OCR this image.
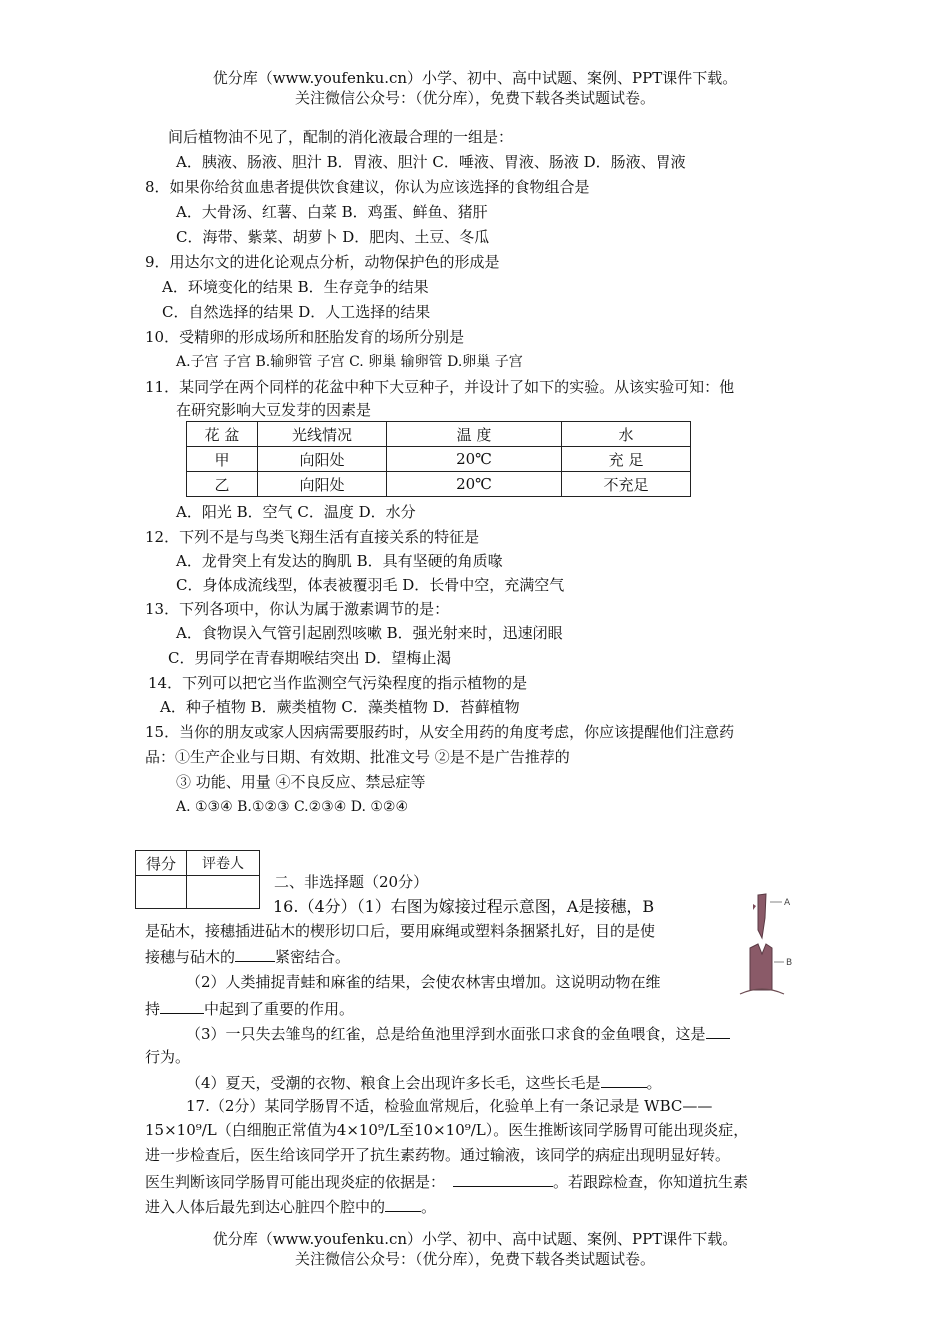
优分库（www.youfenku.cn）小学、初中、高中试题、案例、PPT课件下载。
关注微信公众号：（优分库），免费下载各类试题试卷。
间后植物油不见了，配制的消化液最合理的一组是：
A．胰液、肠液、胆汁 B．胃液、胆汁 C．唾液、胃液、肠液 D．肠液、胃液
8．如果你给贫血患者提供饮食建议，你认为应该选择的食物组合是
A．大骨汤、红薯、白菜 B．鸡蛋、鲜鱼、猪肝
C．海带、紫菜、胡萝卜 D．肥肉、土豆、冬瓜
9．用达尔文的进化论观点分析，动物保护色的形成是
A．环境变化的结果 B．生存竞争的结果
C．自然选择的结果 D．人工选择的结果
10．受精卵的形成场所和胚胎发育的场所分别是
A.子宫 子宫 B.输卵管 子宫 C. 卵巢 输卵管 D.卵巢 子宫
11．某同学在两个同样的花盆中种下大豆种子，并设计了如下的实验。从该实验可知：他
在研究影响大豆发芽的因素是
花 盆	光线情况	温 度	水
甲	向阳处	20℃	充 足
乙	向阳处	20℃	不充足
A．阳光 B．空气 C．温度 D．水分
12．下列不是与鸟类飞翔生活有直接关系的特征是
A．龙骨突上有发达的胸肌 B．具有坚硬的角质喙
C．身体成流线型，体表被覆羽毛 D．长骨中空，充满空气
13．下列各项中，你认为属于激素调节的是：
A．食物误入气管引起剧烈咳嗽 B．强光射来时，迅速闭眼
C．男同学在青春期喉结突出 D．望梅止渴
14．下列可以把它当作监测空气污染程度的指示植物的是
A．种子植物 B．蕨类植物 C．藻类植物 D．苔藓植物
15．当你的朋友或家人因病需要服药时，从安全用药的角度考虑，你应该提醒他们注意药
品：①生产企业与日期、有效期、批准文号 ②是不是广告推荐的
③ 功能、用量 ④不良反应、禁忌症等
A. ①③④ B.①②③ C.②③④ D. ①②④
得分	评卷人

二、非选择题（20分）
16.（4分）（1）右图为嫁接过程示意图，A是接穗，B
是砧木，接穗插进砧木的楔形切口后，要用麻绳或塑料条捆紧扎好，目的是使
接穗与砧木的	紧密结合。
（2）人类捕捉青蛙和麻雀的结果，会使农林害虫增加。这说明动物在维
持	中起到了重要的作用。
（3）一只失去雏鸟的红雀，总是给鱼池里浮到水面张口求食的金鱼喂食，这是
行为。
（4）夏天，受潮的衣物、粮食上会出现许多长毛，这些长毛是	。
A
B
17.（2分）某同学肠胃不适，检验血常规后，化验单上有一条记录是 WBC——
15×10⁹/L（白细胞正常值为4×10⁹/L至10×10⁹/L）。医生推断该同学肠胃可能出现炎症，
进一步检查后，医生给该同学开了抗生素药物。通过输液，该同学的病症出现明显好转。
医生判断该同学肠胃可能出现炎症的依据是：	。若跟踪检查，你知道抗生素
进入人体后最先到达心脏四个腔中的 。
优分库（www.youfenku.cn）小学、初中、高中试题、案例、PPT课件下载。
关注微信公众号：（优分库），免费下载各类试题试卷。
